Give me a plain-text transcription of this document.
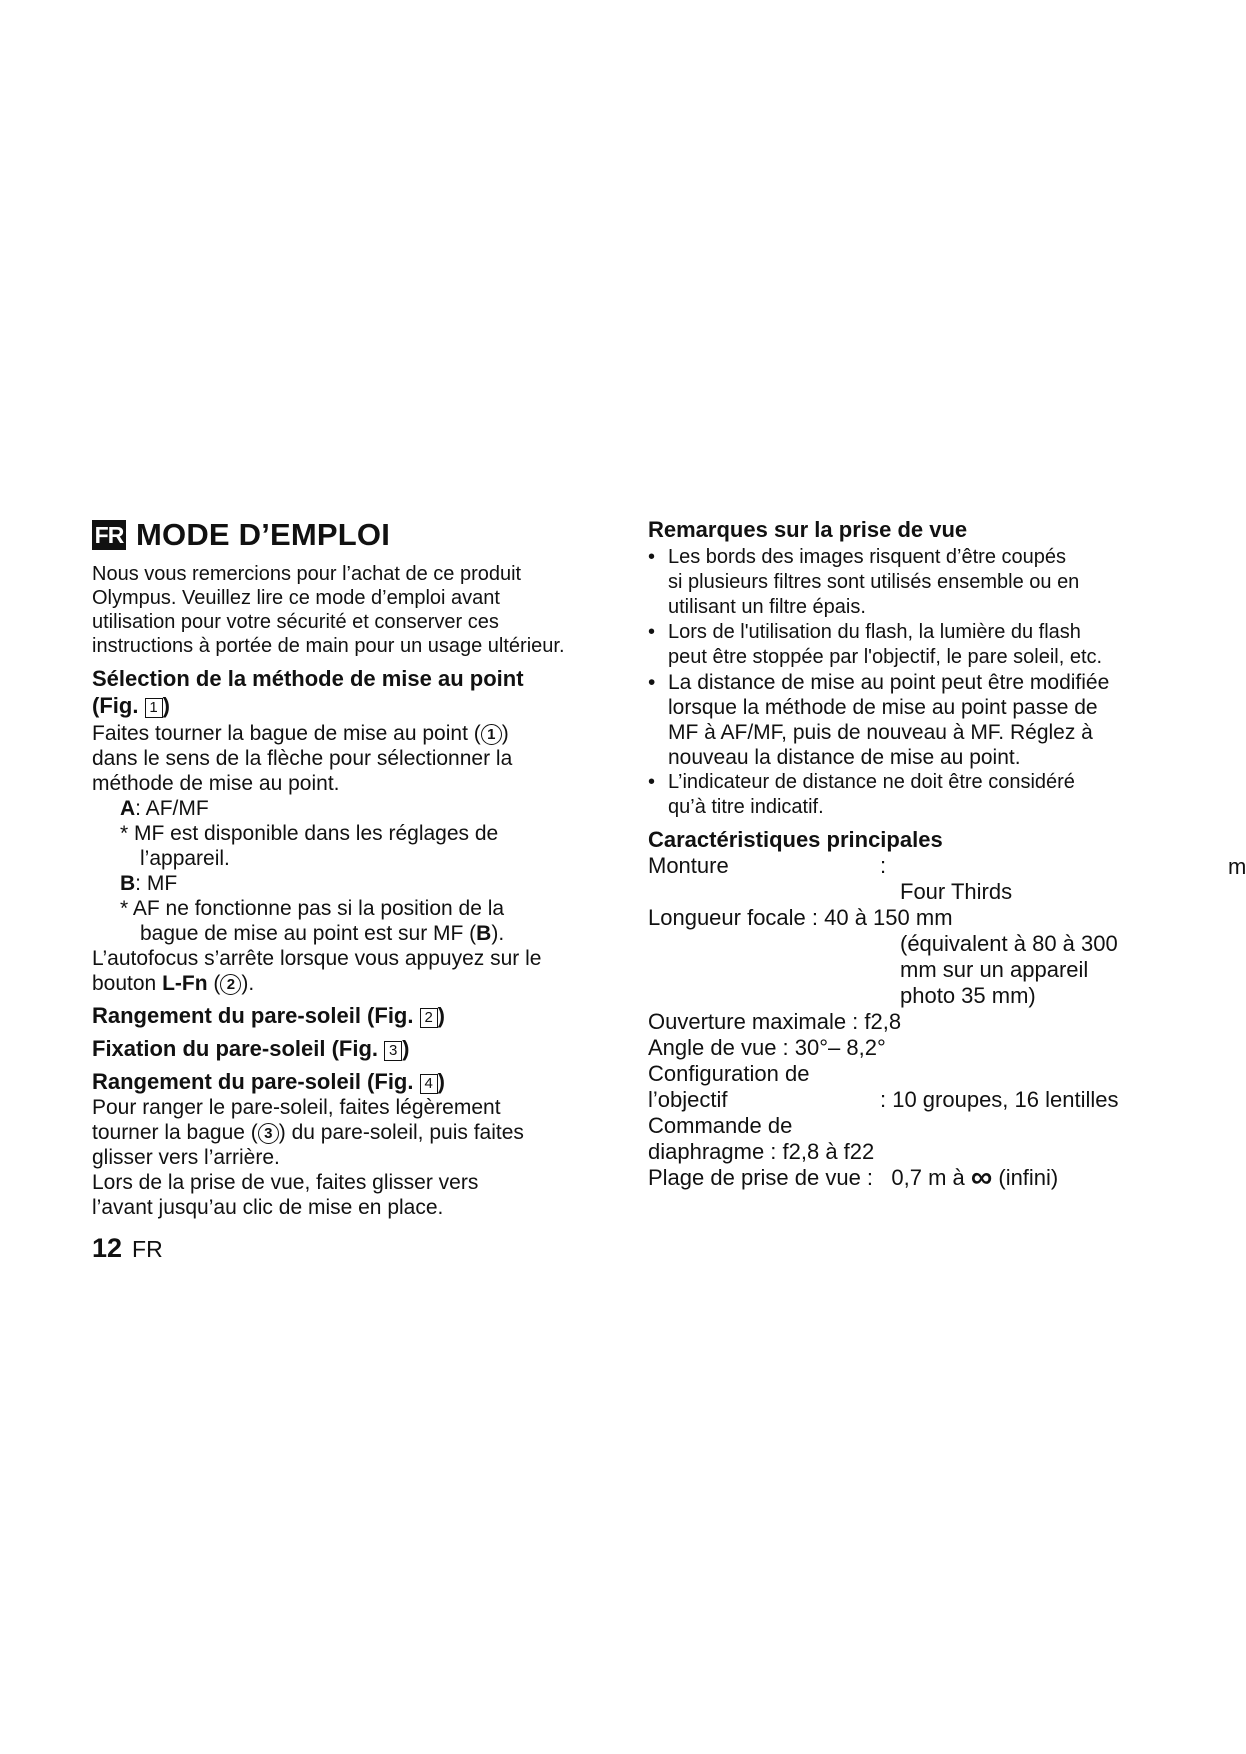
FR MODE D’EMPLOI

Nous vous remercions pour l’achat de ce produit

Olympus. Veuillez lire ce mode d’emploi avant

utilisation pour votre sécurité et conserver ces

instructions à portée de main pour un usage ultérieur.

Sélection de la méthode de mise au point

(Fig. 1 )

Faites tourner la bague de mise au point ( 1 )

dans le sens de la flèche pour sélectionner la

méthode de mise au point.

A: AF/MF

* MF est disponible dans les réglages de

l’appareil.

B: MF

* AF ne fonctionne pas si la position de la

bague de mise au point est sur MF (B).

L’autofocus s’arrête lorsque vous appuyez sur le

bouton L-Fn ( 2 ).

Rangement du pare-soleil (Fig. 2 )

Fixation du pare-soleil (Fig. 3 )

Rangement du pare-soleil (Fig. 4 )

Pour ranger le pare-soleil, faites légèrement

tourner la bague ( 3 ) du pare-soleil, puis faites

glisser vers l’arrière.

Lors de la prise de vue, faites glisser vers

l’avant jusqu’au clic de mise en place.

12 FR

Remarques sur la prise de vue

• Les bords des images risquent d’être coupés
si plusieurs filtres sont utilisés ensemble ou en
utilisant un filtre épais.
• Lors de l'utilisation du flash, la lumière du flash
peut être stoppée par l'objectif, le pare soleil, etc.
• La distance de mise au point peut être modifiée
lorsque la méthode de mise au point passe de
MF à AF/MF, puis de nouveau à MF. Réglez à
nouveau la distance de mise au point.
• L’indicateur de distance ne doit être considéré
qu’à titre indicatif.

Caractéristiques principales

Monture	:
Four Thirds
Longueur focale : 40 à 150 mm
(équivalent à 80 à 300
mm sur un appareil
photo 35 mm)
Ouverture maximale : f2,8
Angle de vue : 30°– 8,2°
Configuration de
l’objectif	: 10 groupes, 16 lentilles
Commande de
diaphragme : f2,8 à f22
Plage de prise de vue :   0,7 m à ∞ (infini)
m
